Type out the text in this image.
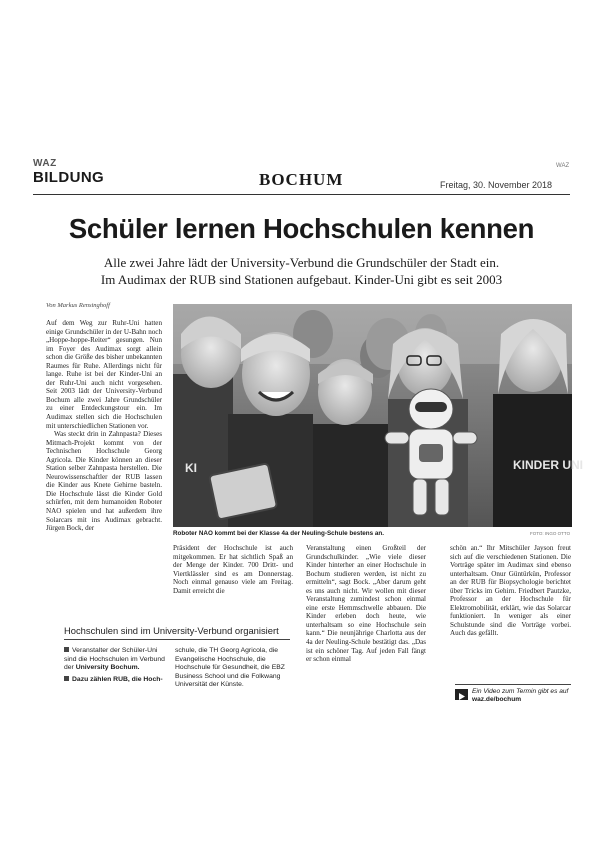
WAZ
BILDUNG	BOCHUM
WAZ
Freitag, 30. November 2018
Schüler lernen Hochschulen kennen
Alle zwei Jahre lädt der University-Verbund die Grundschüler der Stadt ein.
Im Audimax der RUB sind Stationen aufgebaut. Kinder-Uni gibt es seit 2003
Von Markus Rensinghoff

Auf dem Weg zur Ruhr-Uni hatten einige Grundschüler in der U-Bahn noch „Hoppe-hoppe-Reiter“ gesungen. Nun im Foyer des Audimax sorgt allein schon die Größe des bisher unbekannten Raumes für Ruhe. Allerdings nicht für lange. Ruhe ist bei der Kinder-Uni an der Ruhr-Uni auch nicht vorgesehen. Seit 2003 lädt der University-Verbund Bochum alle zwei Jahre Grundschüler zu einer Entdeckungstour ein. Im Audimax stellen sich die Hochschulen mit unterschiedlichen Stationen vor.

Was steckt drin in Zahnpasta? Dieses Mitmach-Projekt kommt von der Technischen Hochschule Georg Agricola. Die Kinder können an dieser Station selber Zahnpasta herstellen. Die Neurowissenschaftler der RUB lassen die Kinder aus Knete Gehirne basteln. Die Hochschule lässt die Kinder Gold schürfen, mit dem humanoiden Roboter NAO spielen und hat außerdem ihre Solarcars mit ins Audimax gebracht. Jürgen Bock, der

KINDER UNI
KI
Roboter NAO kommt bei der Klasse 4a der Neuling-Schule bestens an.	FOTO: INGO OTTO
Präsident der Hochschule ist auch mitgekommen. Er hat sichtlich Spaß an der Menge der Kinder. 700 Dritt- und Viertklässler sind es am Donnerstag. Noch einmal genauso viele am Freitag. Damit erreicht die
Veranstaltung einen Großteil der Grundschulkinder. „Wie viele dieser Kinder hinterher an einer Hochschule in Bochum studieren werden, ist nicht zu ermitteln“, sagt Bock. „Aber darum geht es uns auch nicht. Wir wollen mit dieser Veranstaltung zumindest schon einmal eine erste Hemmschwelle abbauen. Die Kinder erleben doch heute, wie unterhaltsam so eine Hochschule sein kann.“ Die neunjährige Charlotta aus der 4a der Neuling-Schule bestätigt das. „Das ist ein schöner Tag. Auf jeden Fall fängt er schon einmal
schön an.“ Ihr Mitschüler Jayson freut sich auf die verschiedenen Stationen. Die Vorträge später im Audimax sind ebenso unterhaltsam. Onur Güntürkün, Professor an der RUB für Biopsychologie berichtet über Tricks im Gehirn. Friedbert Pautzke, Professor an der Hochschule für Elektromobilität, erklärt, wie das Solarcar funktioniert. In weniger als einer Schulstunde sind die Vorträge vorbei. Auch das gefällt.
Hochschulen sind im University-Verbund organisiert
Veranstalter der Schüler-Uni sind die Hochschulen im Verbund der University Bochum.
Dazu zählen RUB, die Hoch-
schule, die TH Georg Agricola, die Evangelische Hochschule, die Hochschule für Gesundheit, die EBZ Business School und die Folkwang Universität der Künste.
Ein Video zum Termin gibt es auf waz.de/bochum
